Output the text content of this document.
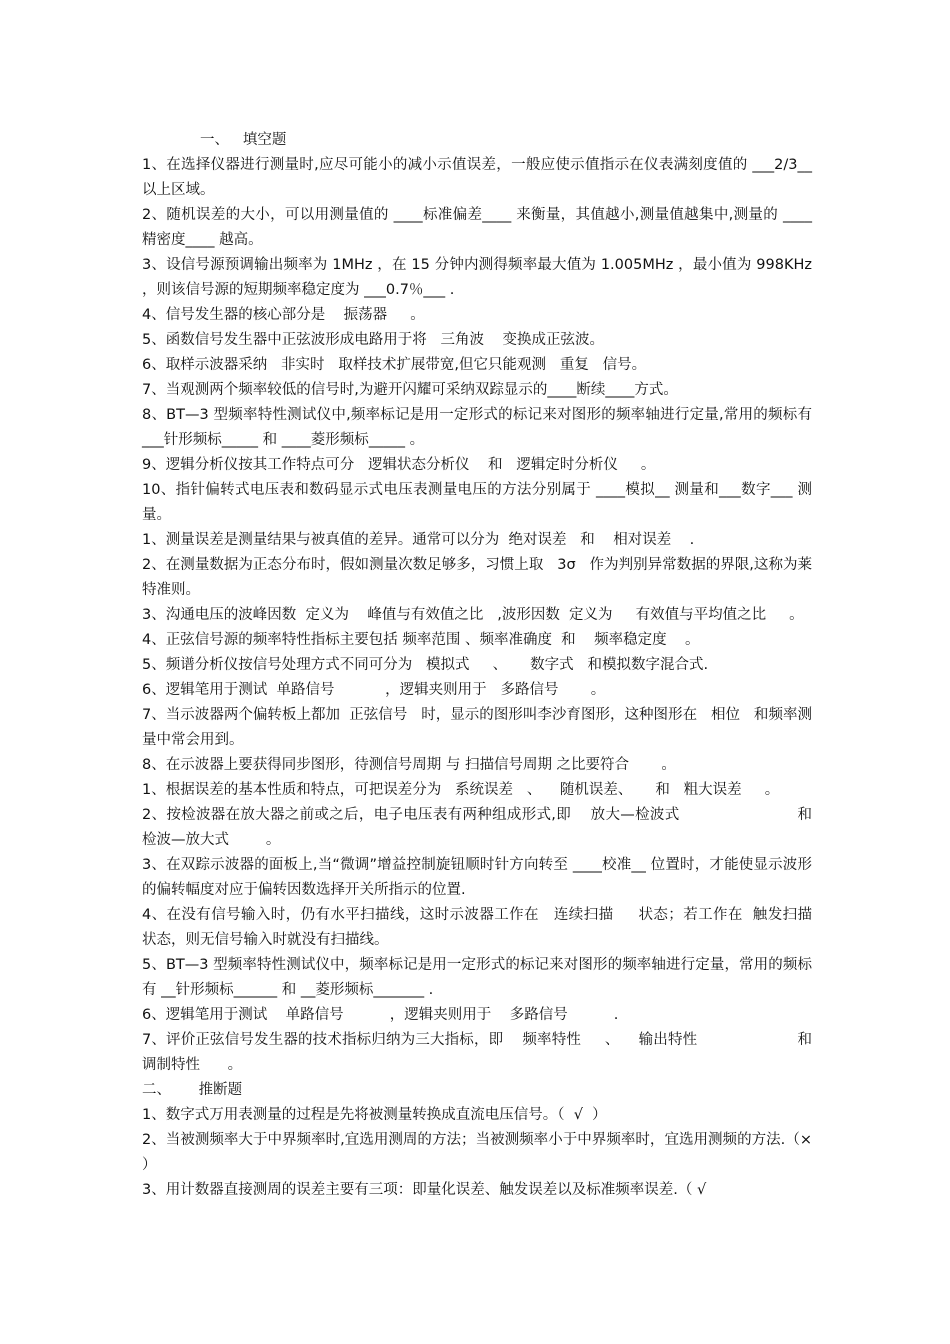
一、   填空题
1、在选择仪器进行测量时,应尽可能小的减小示值误差，一般应使示值指示在仪表满刻度值的 ___2/3__ 以上区域。
2、随机误差的大小，可以用测量值的 ____标准偏差____ 来衡量，其值越小,测量值越集中,测量的 ____精密度____ 越高。
3、设信号源预调输出频率为 1MHz ，在 15 分钟内测得频率最大值为 1.005MHz ，最小值为 998KHz ，则该信号源的短期频率稳定度为 ___0.7％___ .
4、信号发生器的核心部分是    振荡器     。
5、函数信号发生器中正弦波形成电路用于将   三角波    变换成正弦波。
6、取样示波器采纳   非实时   取样技术扩展带宽,但它只能观测   重复   信号。
7、当观测两个频率较低的信号时,为避开闪耀可采纳双踪显示的____断续____方式。
8、BT—3 型频率特性测试仪中,频率标记是用一定形式的标记来对图形的频率轴进行定量,常用的频标有 ___针形频标_____ 和 ____菱形频标_____ 。
9、逻辑分析仪按其工作特点可分   逻辑状态分析仪    和   逻辑定时分析仪     。
10、指针偏转式电压表和数码显示式电压表测量电压的方法分别属于 ____模拟__ 测量和___数字___ 测量。
1、测量误差是测量结果与被真值的差异。通常可以分为  绝对误差   和    相对误差    .
2、在测量数据为正态分布时，假如测量次数足够多，习惯上取   3σ   作为判别异常数据的界限,这称为莱特准则。
3、沟通电压的波峰因数  定义为    峰值与有效值之比   ,波形因数  定义为     有效值与平均值之比     。
4、正弦信号源的频率特性指标主要包括 频率范围 、频率准确度  和    频率稳定度    。
5、频谱分析仪按信号处理方式不同可分为   模拟式     、     数字式   和模拟数字混合式.
6、逻辑笔用于测试  单路信号           ，逻辑夹则用于   多路信号       。
7、当示波器两个偏转板上都加  正弦信号   时，显示的图形叫李沙育图形，这种图形在   相位   和频率测量中常会用到。
8、在示波器上要获得同步图形，待测信号周期 与 扫描信号周期 之比要符合       。
1、根据误差的基本性质和特点，可把误差分为   系统误差   、    随机误差、     和   粗大误差     。
2、按检波器在放大器之前或之后，电子电压表有两种组成形式,即    放大—检波式                        和   检波—放大式        。
3、在双踪示波器的面板上,当“微调”增益控制旋钮顺时针方向转至 ____校准__ 位置时，才能使显示波形的偏转幅度对应于偏转因数选择开关所指示的位置.
4、在没有信号输入时，仍有水平扫描线，这时示波器工作在   连续扫描     状态；若工作在  触发扫描      状态，则无信号输入时就没有扫描线。
5、BT—3 型频率特性测试仪中，频率标记是用一定形式的标记来对图形的频率轴进行定量，常用的频标有 __针形频标______ 和 __菱形频标_______ .
6、逻辑笔用于测试    单路信号          ，逻辑夹则用于    多路信号          .
7、评价正弦信号发生器的技术指标归纳为三大指标，即    频率特性     、    输出特性                     和   调制特性      。
二、      推断题
1、数字式万用表测量的过程是先将被测量转换成直流电压信号。（  √  ）
2、当被测频率大于中界频率时,宜选用测周的方法；当被测频率小于中界频率时，宜选用测频的方法.（×  ）
3、用计数器直接测周的误差主要有三项：即量化误差、触发误差以及标准频率误差.（ √
